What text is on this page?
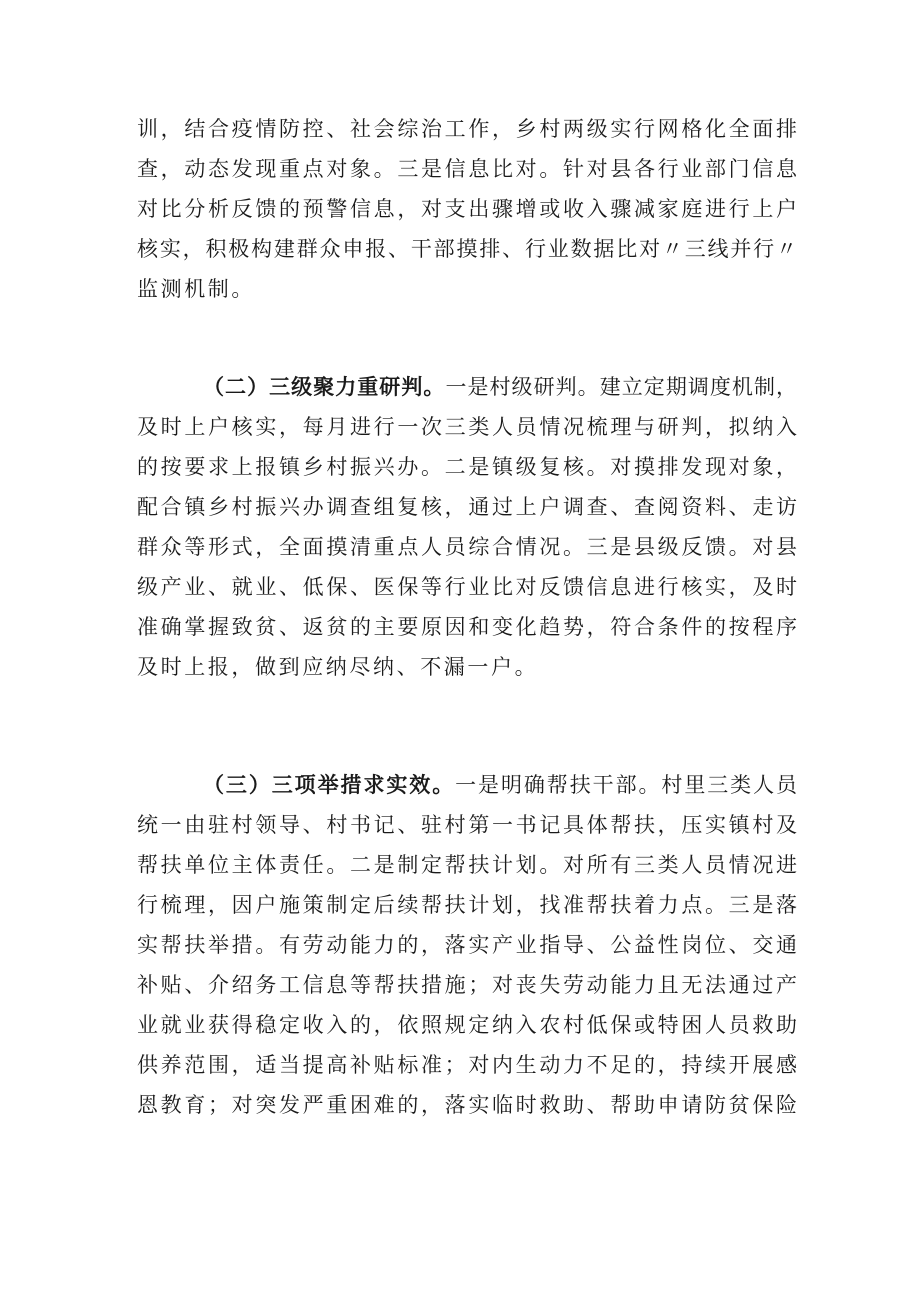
训，结合疫情防控、社会综治工作，乡村两级实行网格化全面排
查，动态发现重点对象。三是信息比对。针对县各行业部门信息
对比分析反馈的预警信息，对支出骤增或收入骤减家庭进行上户
核实，积极构建群众申报、干部摸排、行业数据比对〃三线并行〃
监测机制。
（二）三级聚力重研判。一是村级研判。建立定期调度机制，
及时上户核实，每月进行一次三类人员情况梳理与研判，拟纳入
的按要求上报镇乡村振兴办。二是镇级复核。对摸排发现对象，
配合镇乡村振兴办调查组复核，通过上户调查、查阅资料、走访
群众等形式，全面摸清重点人员综合情况。三是县级反馈。对县
级产业、就业、低保、医保等行业比对反馈信息进行核实，及时
准确掌握致贫、返贫的主要原因和变化趋势，符合条件的按程序
及时上报，做到应纳尽纳、不漏一户。
（三）三项举措求实效。一是明确帮扶干部。村里三类人员
统一由驻村领导、村书记、驻村第一书记具体帮扶，压实镇村及
帮扶单位主体责任。二是制定帮扶计划。对所有三类人员情况进
行梳理，因户施策制定后续帮扶计划，找准帮扶着力点。三是落
实帮扶举措。有劳动能力的，落实产业指导、公益性岗位、交通
补贴、介绍务工信息等帮扶措施；对丧失劳动能力且无法通过产
业就业获得稳定收入的，依照规定纳入农村低保或特困人员救助
供养范围，适当提高补贴标准；对内生动力不足的，持续开展感
恩教育；对突发严重困难的，落实临时救助、帮助申请防贫保险
